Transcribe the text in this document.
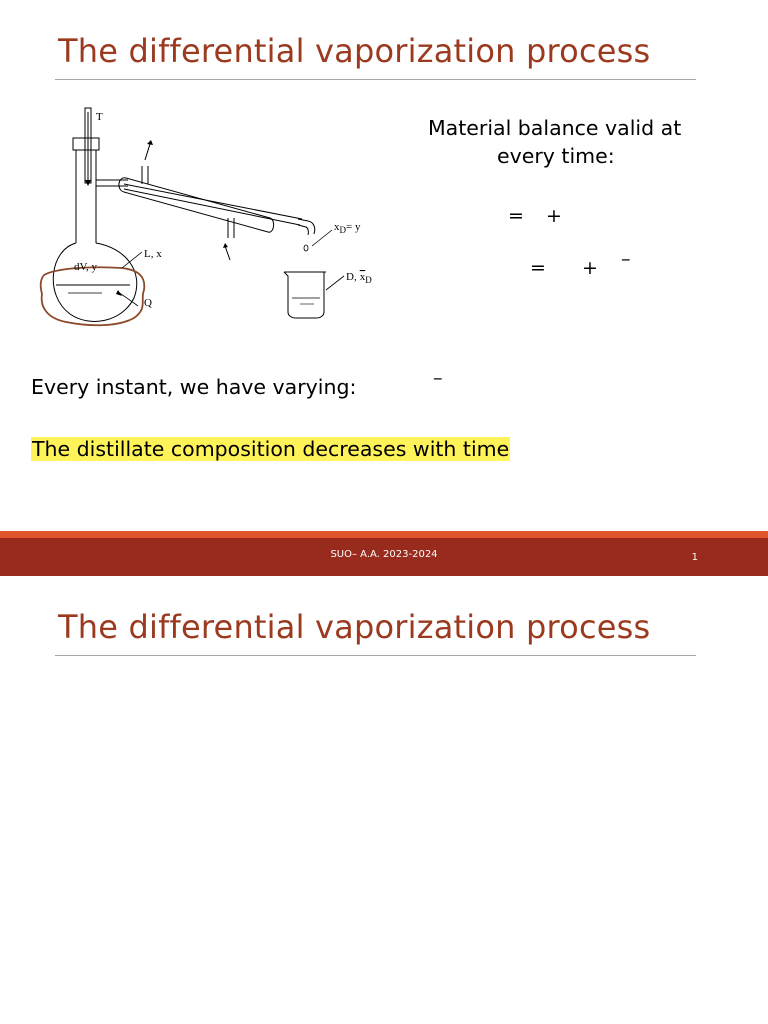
The differential vaporization process
T
$x_D= y$
L, x
dV, y
Q
D, $x_D$
Material balance valid at
every time:
= +
= + –
–
Every instant, we have varying:
The distillate composition decreases with time
SUO– A.A. 2023-2024	1
The differential vaporization process
